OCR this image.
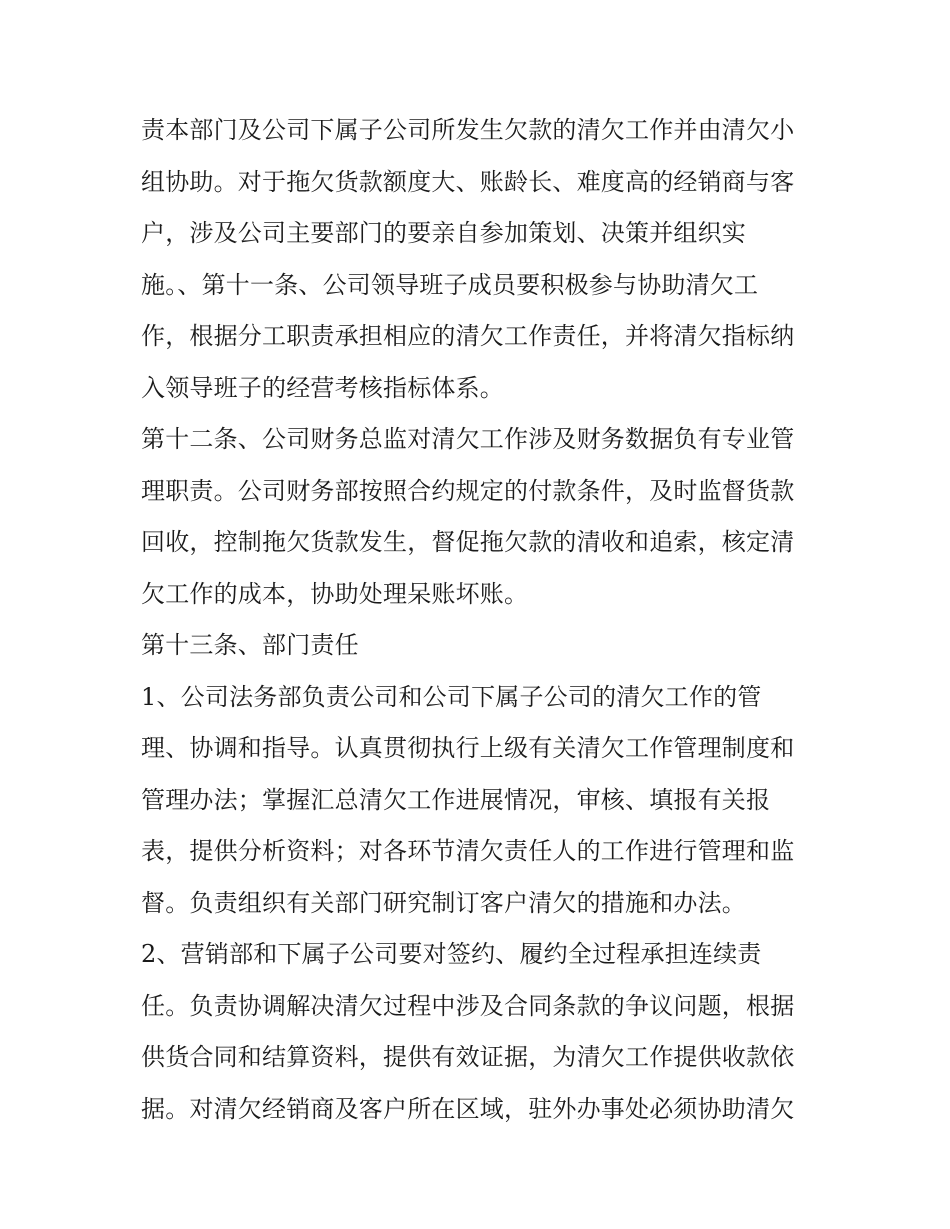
责本部门及公司下属子公司所发生欠款的清欠工作并由清欠小
组协助。对于拖欠货款额度大、账龄长、难度高的经销商与客
户，涉及公司主要部门的要亲自参加策划、决策并组织实
施。、第十一条、公司领导班子成员要积极参与协助清欠工
作，根据分工职责承担相应的清欠工作责任，并将清欠指标纳
入领导班子的经营考核指标体系。
第十二条、公司财务总监对清欠工作涉及财务数据负有专业管
理职责。公司财务部按照合约规定的付款条件，及时监督货款
回收，控制拖欠货款发生，督促拖欠款的清收和追索，核定清
欠工作的成本，协助处理呆账坏账。
第十三条、部门责任
1、公司法务部负责公司和公司下属子公司的清欠工作的管
理、协调和指导。认真贯彻执行上级有关清欠工作管理制度和
管理办法；掌握汇总清欠工作进展情况，审核、填报有关报
表，提供分析资料；对各环节清欠责任人的工作进行管理和监
督。负责组织有关部门研究制订客户清欠的措施和办法。
2、营销部和下属子公司要对签约、履约全过程承担连续责
任。负责协调解决清欠过程中涉及合同条款的争议问题，根据
供货合同和结算资料，提供有效证据，为清欠工作提供收款依
据。对清欠经销商及客户所在区域，驻外办事处必须协助清欠
